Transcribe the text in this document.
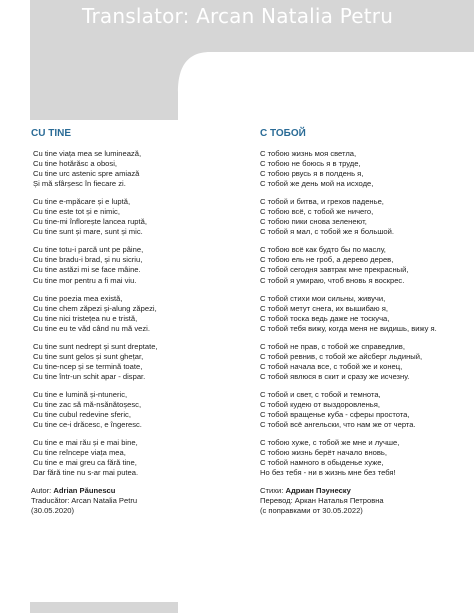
Translator: Arcan Natalia Petru
CU TINE
Cu tine viața mea se luminează,
Cu tine hotărăsc a obosi,
Cu tine urc astenic spre amiază
Și mă sfârșesc în fiecare zi.
Cu tine e-mpăcare și e luptă,
Cu tine este tot și e nimic,
Cu tine-mi înflorește lancea ruptă,
Cu tine sunt și mare, sunt și mic.
Cu tine totu-i parcă unt pe pâine,
Cu tine bradu-i brad, și nu sicriu,
Cu tine astăzi mi se face mâine.
Cu tine mor pentru a fi mai viu.
Cu tine poezia mea există,
Cu tine chem zăpezi și-alung zăpezi,
Cu tine nici tristețea nu e tristă,
Cu tine eu te văd când nu mă vezi.
Cu tine sunt nedrept și sunt dreptate,
Cu tine sunt gelos și sunt ghețar,
Cu tine-ncep și se termină toate,
Cu tine într-un schit apar - dispar.
Cu tine e lumină și-ntuneric,
Cu tine zac să mă-nsănătoșesc,
Cu tine cubul redevine sferic,
Cu tine ce-i drăcesc, e îngeresc.
Cu tine e mai rău și e mai bine,
Cu tine reîncepe viața mea,
Cu tine e mai greu ca fără tine,
Dar fără tine nu s-ar mai putea.
Autor: Adrian Păunescu
Traducător: Arcan Natalia Petru
(30.05.2020)
С ТОБОЙ
С тобою жизнь моя светла,
С тобою не боюсь я в труде,
С тобою рвусь я в полдень я,
С тобой же день мой на исходе,
С тобой и битва, и грехов паденье,
С тобою всё, с тобой же ничего,
С тобою пики снова зеленеют,
С тобой я мал, с тобой же я большой.
С тобою всё как будто бы по маслу,
С тобою ель не гроб, а дерево дерев,
С тобой сегодня завтрак мне прекрасный,
С тобой я умираю, чтоб вновь я воскрес.
С тобой стихи мои сильны, живучи,
С тобой метут снега, их вышибаю я,
С тобой тоска ведь даже не тоскуча,
С тобой тебя вижу, когда меня не видишь, вижу я.
С тобой не прав, с тобой же справедлив,
С тобой ревнив, с тобой же айсберг льдиный,
С тобой начала все, с тобой же и конец,
С тобой явлюся в скит и сразу же исчезну.
С тобой и свет, с тобой и темнота,
С тобой кудею от выздоровленья,
С тобой вращенье куба - сферы простота,
С тобой всё ангельски, что нам же от черта.
С тобою хуже, с тобой же мне и лучше,
С тобою жизнь берёт начало вновь,
С тобой намного в обыденье хуже,
Но без тебя - ни в жизнь мне без тебя!
Стихи: Адриан Пэунеску
Перевод: Аркан Наталья Петровна
(с поправками от 30.05.2022)
